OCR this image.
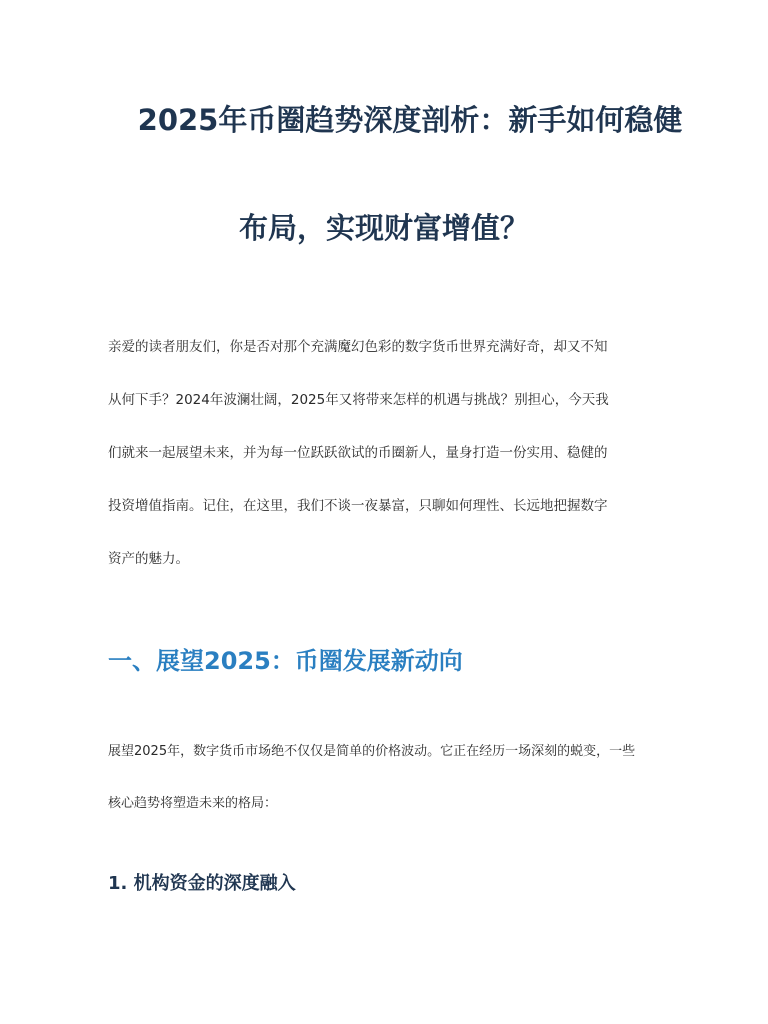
2025年币圈趋势深度剖析：新手如何稳健
布局，实现财富增值？
亲爱的读者朋友们，你是否对那个充满魔幻色彩的数字货币世界充满好奇，却又不知
从何下手？2024年波澜壮阔，2025年又将带来怎样的机遇与挑战？别担心，今天我
们就来一起展望未来，并为每一位跃跃欲试的币圈新人，量身打造一份实用、稳健的
投资增值指南。记住，在这里，我们不谈一夜暴富，只聊如何理性、长远地把握数字
资产的魅力。
一、展望2025：币圈发展新动向
展望2025年，数字货币市场绝不仅仅是简单的价格波动。它正在经历一场深刻的蜕变，一些
核心趋势将塑造未来的格局：
1. 机构资金的深度融入
